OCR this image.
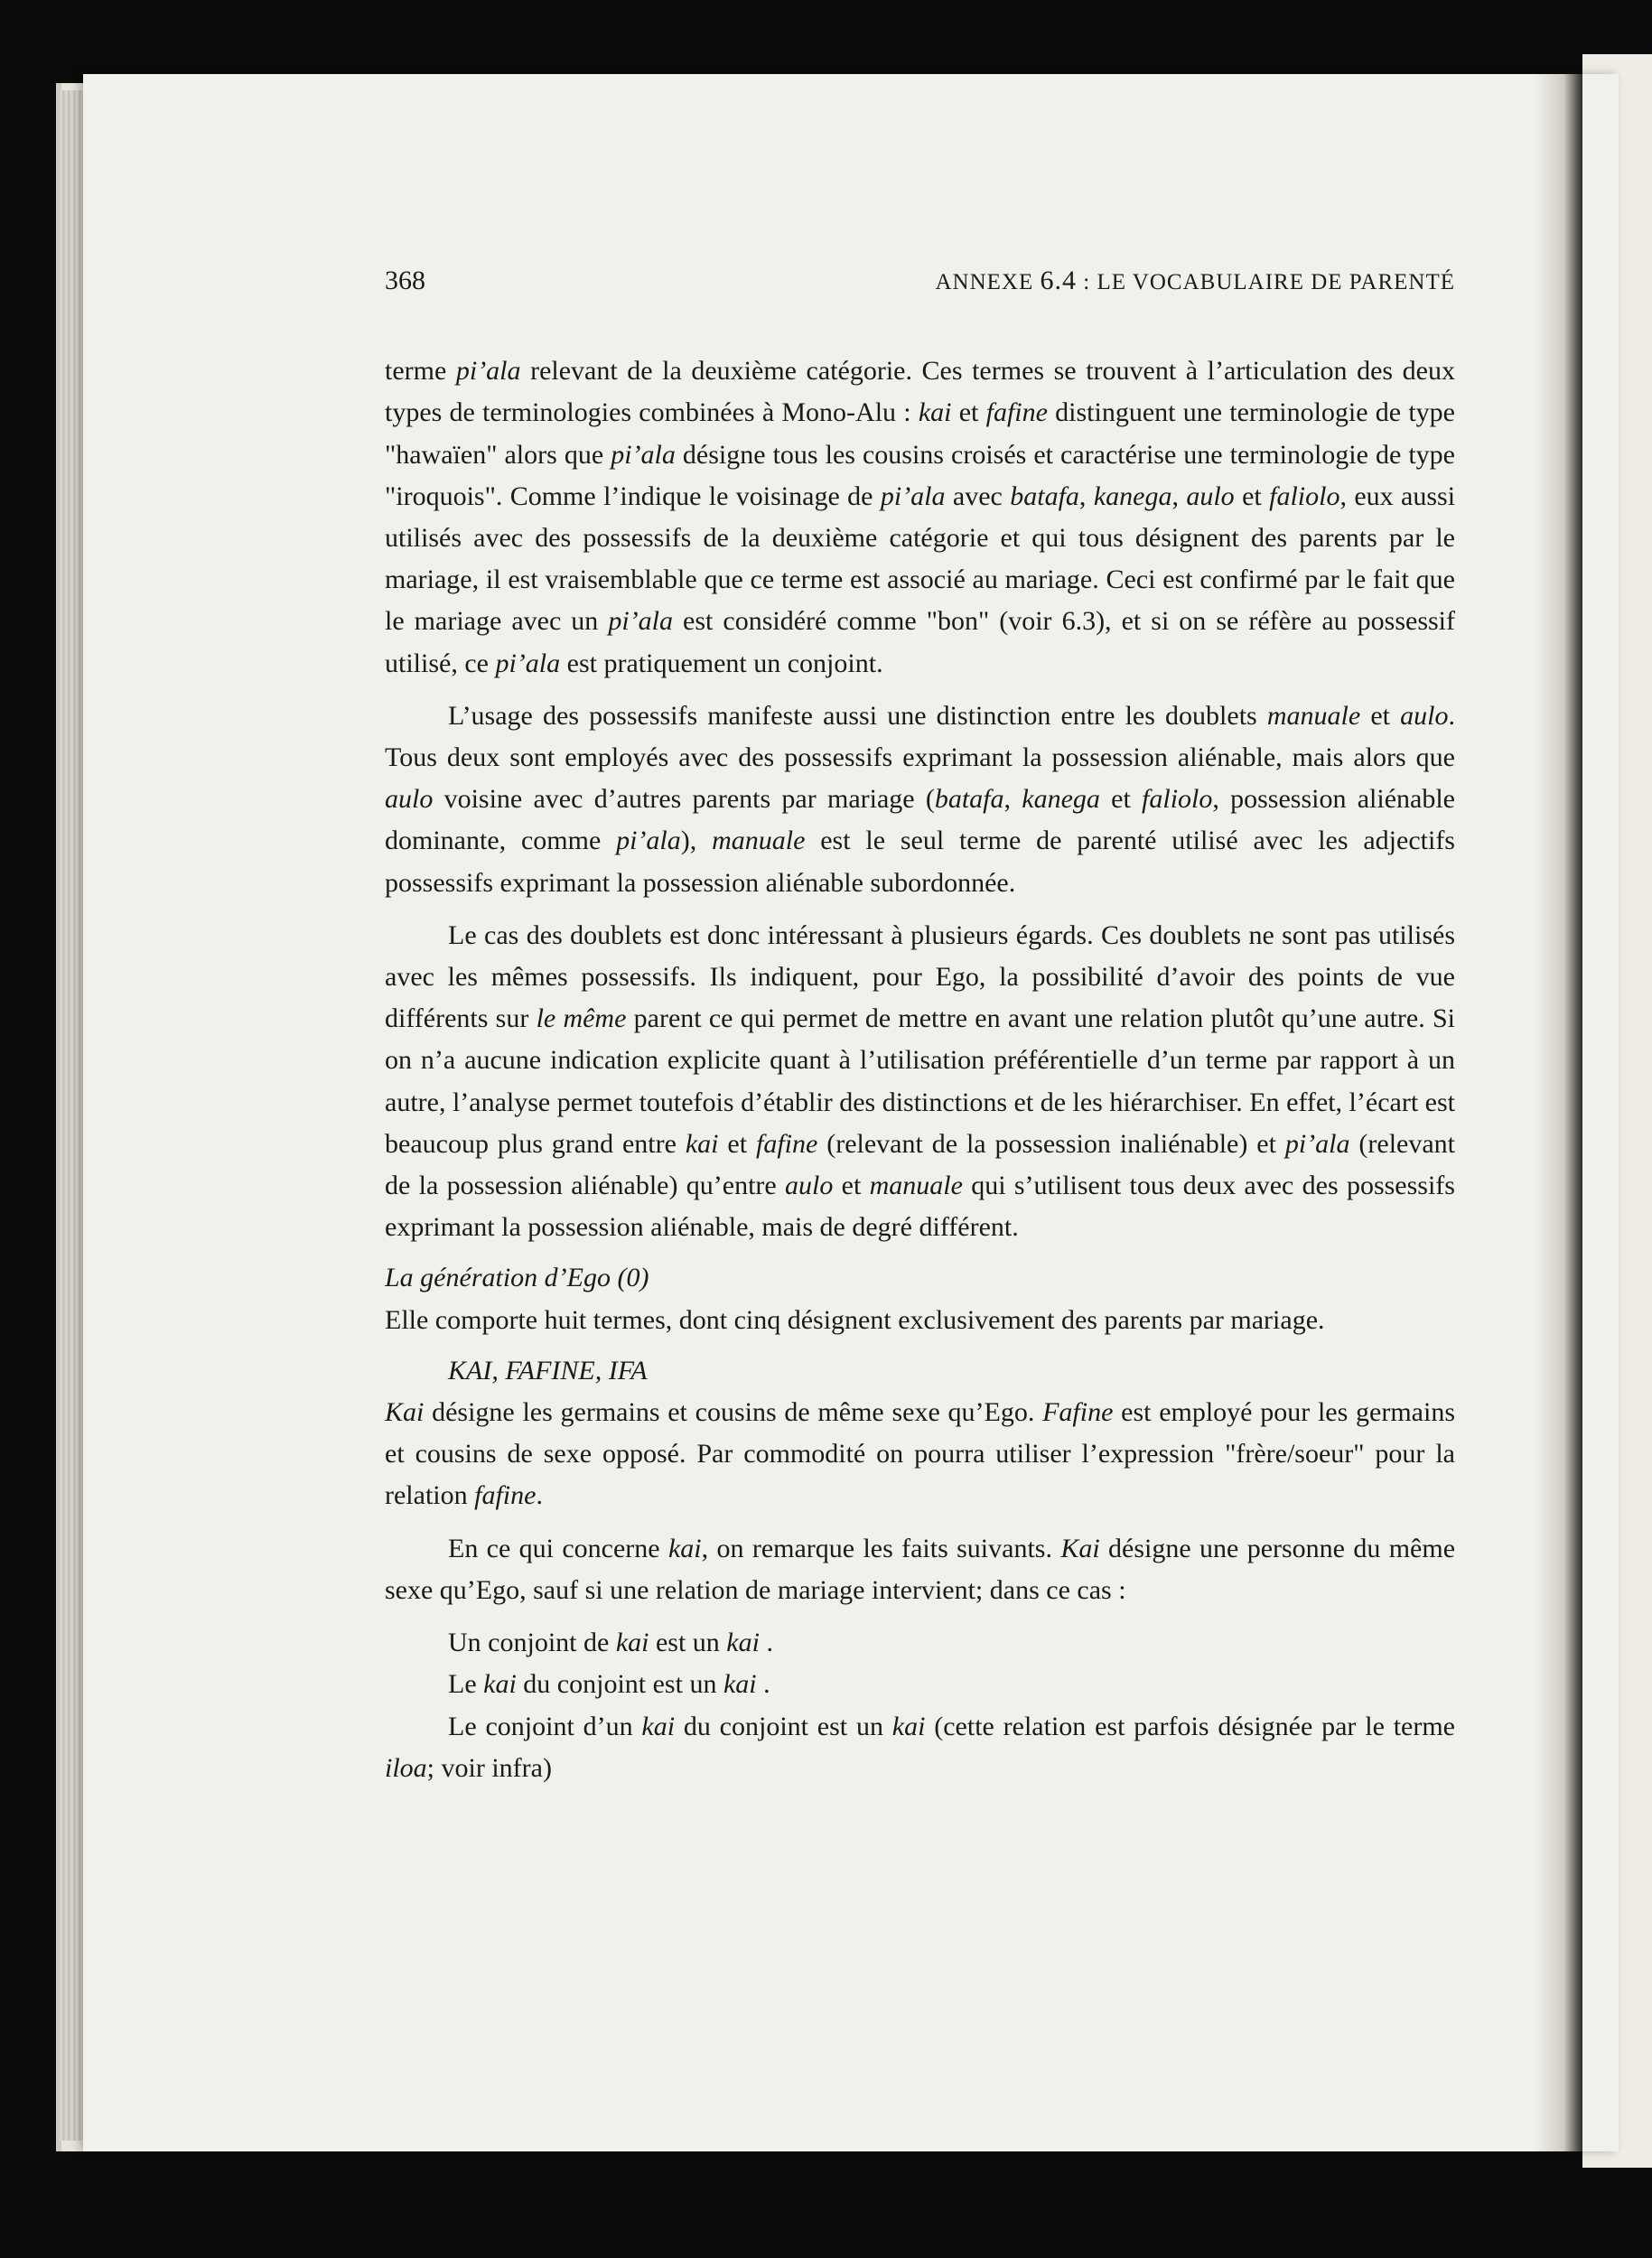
368	ANNEXE 6.4 : LE VOCABULAIRE DE PARENTÉ

terme pi’ala relevant de la deuxième catégorie. Ces termes se trouvent à l’articulation des deux types de terminologies combinées à Mono-Alu : kai et fafine distinguent une terminologie de type "hawaïen" alors que pi’ala désigne tous les cousins croisés et caractérise une terminologie de type "iroquois". Comme l’indique le voisinage de pi’ala avec batafa, kanega, aulo et faliolo, eux aussi utilisés avec des possessifs de la deuxième catégorie et qui tous désignent des parents par le mariage, il est vraisemblable que ce terme est associé au mariage. Ceci est confirmé par le fait que le mariage avec un pi’ala est considéré comme "bon" (voir 6.3), et si on se réfère au possessif utilisé, ce pi’ala est pratiquement un conjoint.

L’usage des possessifs manifeste aussi une distinction entre les doublets manuale et aulo. Tous deux sont employés avec des possessifs exprimant la possession aliénable, mais alors que aulo voisine avec d’autres parents par mariage (batafa, kanega et faliolo, possession aliénable dominante, comme pi’ala), manuale est le seul terme de parenté utilisé avec les adjectifs possessifs exprimant la possession aliénable subordonnée.

Le cas des doublets est donc intéressant à plusieurs égards. Ces doublets ne sont pas utilisés avec les mêmes possessifs. Ils indiquent, pour Ego, la possibilité d’avoir des points de vue différents sur le même parent ce qui permet de mettre en avant une relation plutôt qu’une autre. Si on n’a aucune indication explicite quant à l’utilisation préférentielle d’un terme par rapport à un autre, l’analyse permet toutefois d’établir des distinctions et de les hiérarchiser. En effet, l’écart est beaucoup plus grand entre kai et fafine (relevant de la possession inaliénable) et pi’ala (relevant de la possession aliénable) qu’entre aulo et manuale qui s’utilisent tous deux avec des possessifs exprimant la possession aliénable, mais de degré différent.

La génération d’Ego (0)

Elle comporte huit termes, dont cinq désignent exclusivement des parents par mariage.

KAI, FAFINE, IFA

Kai désigne les germains et cousins de même sexe qu’Ego. Fafine est employé pour les germains et cousins de sexe opposé. Par commodité on pourra utiliser l’expression "frère/soeur" pour la relation fafine.

En ce qui concerne kai, on remarque les faits suivants. Kai désigne une personne du même sexe qu’Ego, sauf si une relation de mariage intervient; dans ce cas :

Un conjoint de kai est un kai .

Le kai du conjoint est un kai .

Le conjoint d’un kai du conjoint est un kai (cette relation est parfois désignée par le terme iloa; voir infra)
